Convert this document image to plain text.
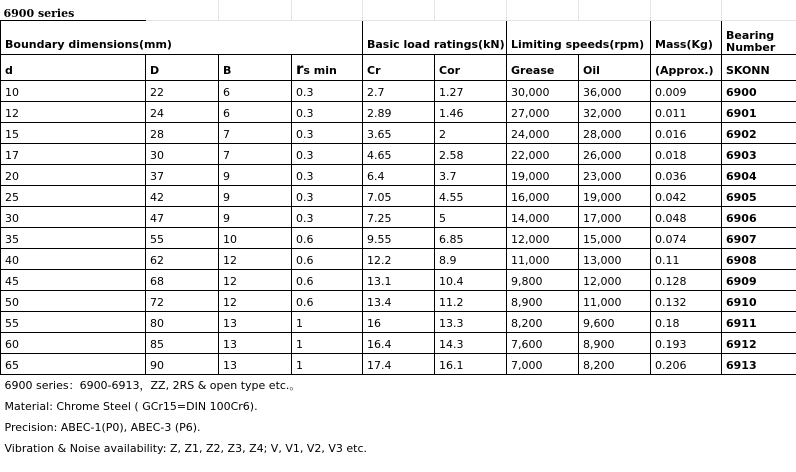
6900 series									
Boundary dimensions(mm)				Basic load ratings(kN)		Limiting speeds(rpm)		Mass(Kg)	Bearing
Number

d	D	B	rs min	Cr	Cor	Grease	Oil	(Approx.)	SKONN
10	22	6	0.3	2.7	1.27	30,000	36,000	0.009	6900
12	24	6	0.3	2.89	1.46	27,000	32,000	0.011	6901
15	28	7	0.3	3.65	2	24,000	28,000	0.016	6902
17	30	7	0.3	4.65	2.58	22,000	26,000	0.018	6903
20	37	9	0.3	6.4	3.7	19,000	23,000	0.036	6904
25	42	9	0.3	7.05	4.55	16,000	19,000	0.042	6905
30	47	9	0.3	7.25	5	14,000	17,000	0.048	6906
35	55	10	0.6	9.55	6.85	12,000	15,000	0.074	6907
40	62	12	0.6	12.2	8.9	11,000	13,000	0.11	6908
45	68	12	0.6	13.1	10.4	9,800	12,000	0.128	6909
50	72	12	0.6	13.4	11.2	8,900	11,000	0.132	6910
55	80	13	1	16	13.3	8,200	9,600	0.18	6911
60	85	13	1	16.4	14.3	7,600	8,900	0.193	6912
65	90	13	1	17.4	16.1	7,000	8,200	0.206	6913
6900 series：6900-6913，ZZ, 2RS & open type etc.。									
Material: Chrome Steel ( GCr15=DIN 100Cr6).									
Precision: ABEC-1(P0), ABEC-3 (P6).									
Vibration & Noise availability: Z, Z1, Z2, Z3, Z4; V, V1, V2, V3 etc.									
